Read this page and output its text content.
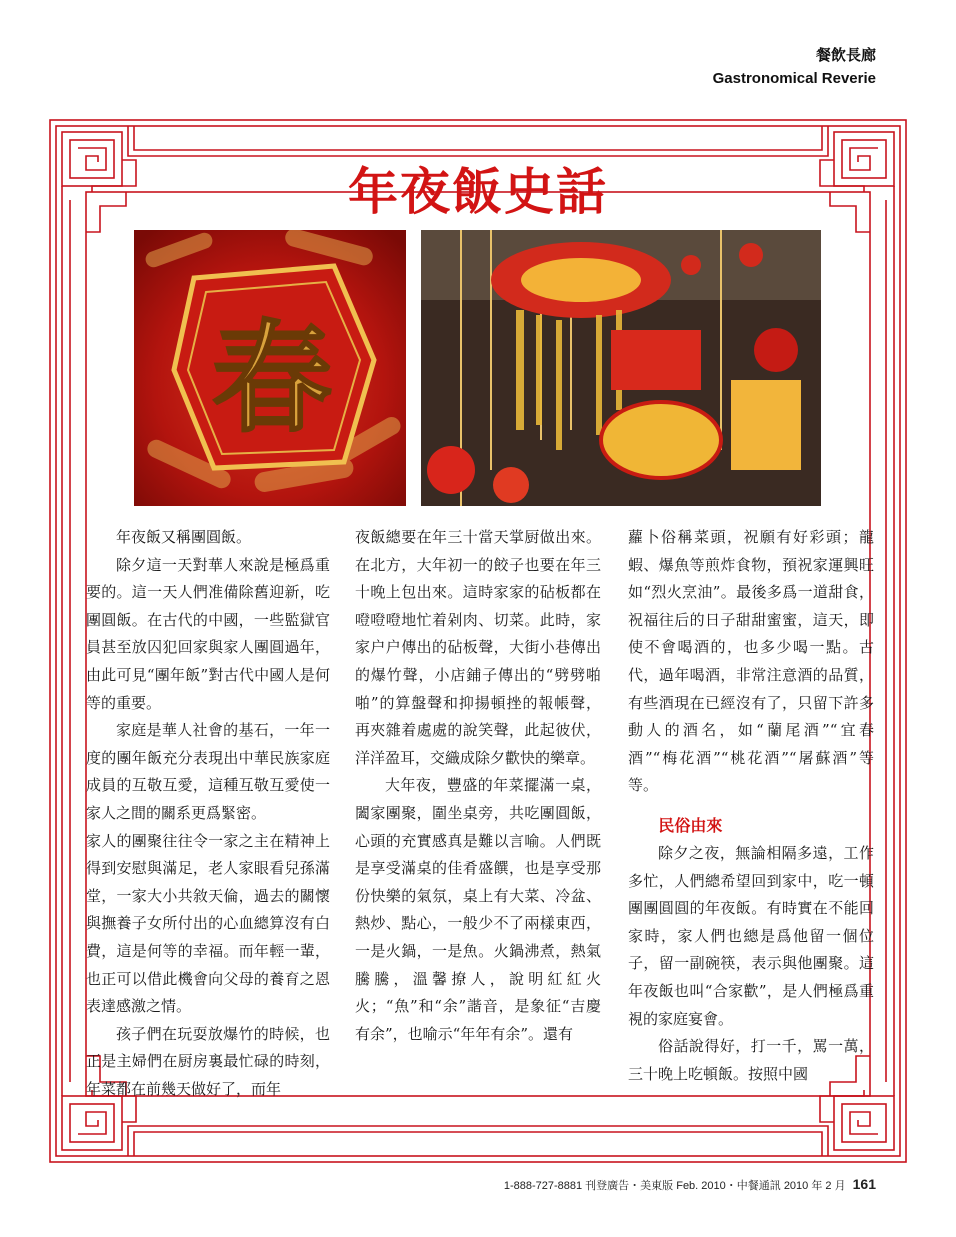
餐飲長廊
Gastronomical Reverie
年夜飯史話
春

年夜飯又稱團圓飯。

除夕這一天對華人來說是極爲重要的。這一天人們准備除舊迎新，吃團圓飯。在古代的中國，一些監獄官員甚至放囚犯回家與家人團圓過年，由此可見“團年飯”對古代中國人是何等的重要。

家庭是華人社會的基石，一年一度的團年飯充分表現出中華民族家庭成員的互敬互愛，這種互敬互愛使一家人之間的關系更爲緊密。

家人的團聚往往令一家之主在精神上得到安慰與滿足，老人家眼看兒孫滿堂，一家大小共敘天倫，過去的關懷與撫養子女所付出的心血總算沒有白費，這是何等的幸福。而年輕一輩，也正可以借此機會向父母的養育之恩表達感激之情。

孩子們在玩耍放爆竹的時候，也正是主婦們在厨房裏最忙碌的時刻，年菜都在前幾天做好了，而年

夜飯總要在年三十當天掌厨做出來。在北方，大年初一的餃子也要在年三十晚上包出來。這時家家的砧板都在噔噔噔地忙着剁肉、切菜。此時，家家户户傳出的砧板聲，大街小巷傳出的爆竹聲，小店鋪子傳出的“劈劈啪啪”的算盤聲和抑揚頓挫的報帳聲，再夾雜着處處的說笑聲，此起彼伏，洋洋盈耳，交織成除夕歡快的樂章。

大年夜，豐盛的年菜擺滿一桌，闔家團聚，圍坐桌旁，共吃團圓飯，心頭的充實感真是難以言喻。人們既是享受滿桌的佳肴盛饌，也是享受那份快樂的氣氛，桌上有大菜、冷盆、熱炒、點心，一般少不了兩樣東西，一是火鍋，一是魚。火鍋沸煮，熱氣騰騰，溫馨撩人，說明紅紅火火；“魚”和“余”諧音，是象征“吉慶有余”，也喻示“年年有余”。還有

蘿卜俗稱菜頭，祝願有好彩頭；龍蝦、爆魚等煎炸食物，預祝家運興旺如“烈火烹油”。最後多爲一道甜食，祝福往后的日子甜甜蜜蜜，這天，即使不會喝酒的，也多少喝一點。古代，過年喝酒，非常注意酒的品質，有些酒現在已經沒有了，只留下許多動人的酒名，如“蘭尾酒”“宜春酒”“梅花酒”“桃花酒”“屠蘇酒”等等。

民俗由來

除夕之夜，無論相隔多遠，工作多忙，人們總希望回到家中，吃一頓團團圓圓的年夜飯。有時實在不能回家時，家人們也總是爲他留一個位子，留一副碗筷，表示與他團聚。這年夜飯也叫“合家歡”，是人們極爲重視的家庭宴會。

俗話說得好，打一千，罵一萬，三十晚上吃頓飯。按照中國

1-888-727-8881 刊登廣告・美東版 Feb. 2010・中餐通訊 2010 年 2 月 161
